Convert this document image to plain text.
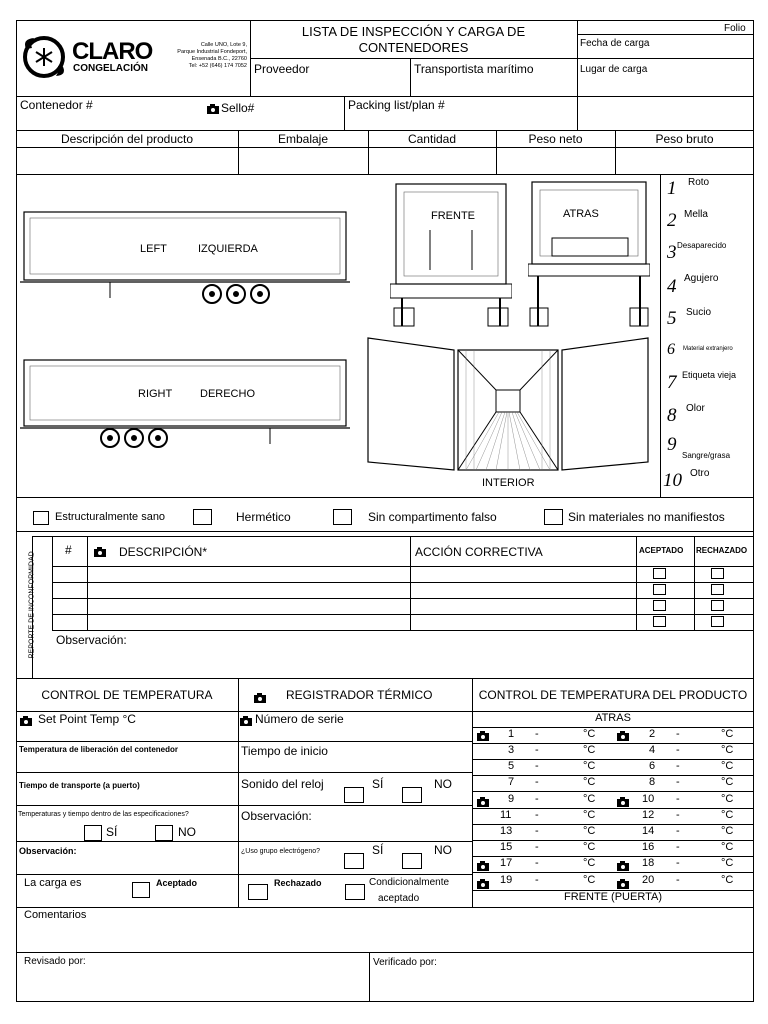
CLARO
CONGELACIÓN
Calle UNO, Lote 9,
Parque Industrial Fondeport,
Ensenada B.C., 22760
Tel: +52 (646) 174 7052
LISTA DE INSPECCIÓN Y CARGA DE
CONTENEDORES
Folio
Fecha de carga
Proveedor	Transportista marítimo	Lugar de carga
Contenedor #	Sello#	Packing list/plan #
Descripción del producto	Embalaje	Cantidad	Peso neto	Peso bruto
LEFT	IZQUIERDA
RIGHT	DERECHO
FRENTE	ATRAS
INTERIOR
1 Roto
2 Mella
3 Desaparecido
4 Agujero
5 Sucio
6 Material extranjero
7 Etiqueta vieja
8 Olor
9
Sangre/grasa
10 Otro
Estructuralmente sano	Hermético	Sin compartimento falso	Sin materiales no manifiestos
REPORTE DE INCONFORMIDAD
#	DESCRIPCIÓN*	ACCIÓN CORRECTIVA	ACEPTADO RECHAZADO
Observación:
CONTROL DE TEMPERATURA
Set Point Temp °C
Temperatura de liberación del contenedor
Tiempo de transporte (a puerto)
Temperaturas y tiempo dentro de las especificaciones?
SÍ	NO
Observación:
La carga es	Aceptado
REGISTRADOR TÉRMICO
Número de serie
Tiempo de inicio
Sonido del reloj	SÍ	NO
Observación:
¿Uso grupo electrógeno?	SÍ	NO
Rechazado	Condicionalmente
aceptado
CONTROL DE TEMPERATURA DEL PRODUCTO
ATRAS
FRENTE (PUERTA)
1 -	°C	2 -	°C
3 -	°C	4 -	°C
5 -	°C	6 -	°C
7 -	°C	8 -	°C
9 -	°C	10 -	°C
11 -	°C	12 -	°C
13 -	°C	14 -	°C
15 -	°C	16 -	°C
17 -	°C	18 -	°C
19 -	°C	20 -	°C
Comentarios
Revisado por:	Verificado por:
